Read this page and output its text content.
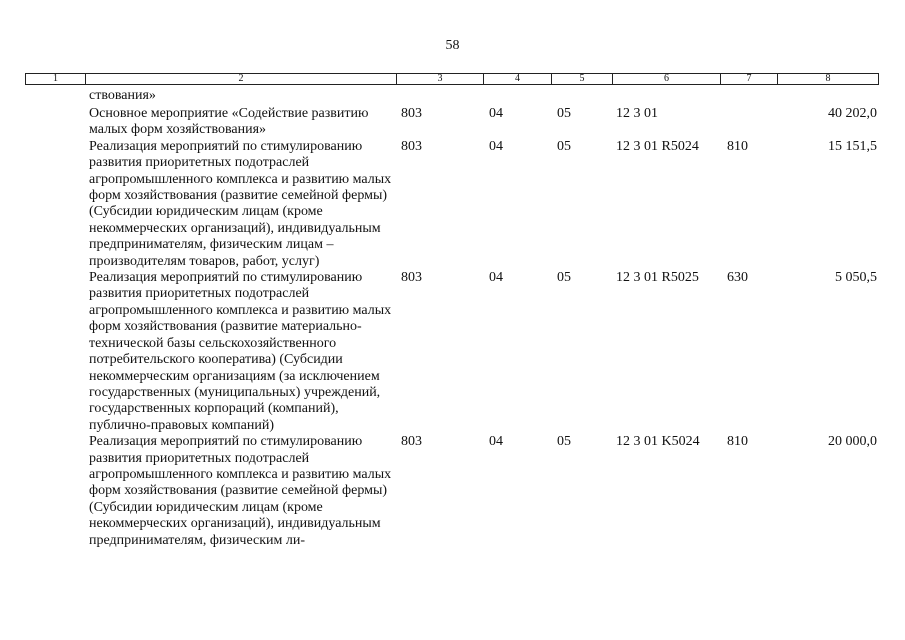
58
1	2	3	4	5	6	7	8
	ствования»						
	Основное мероприятие «Содействие развитию малых форм хозяйствования»	803	04	05	12 3 01		40 202,0
	Реализация мероприятий по стимулированию развития приоритетных подотраслей агропромышленного комплекса и развитию малых форм хозяйствования (развитие семейной фермы) (Субсидии юридическим лицам (кроме некоммерческих организаций), индивидуальным предпринимателям, физическим лицам – производителям товаров, работ, услуг)	803	04	05	12 3 01 R5024	810	15 151,5
	Реализация мероприятий по стимулированию развития приоритетных подотраслей агропромышленного комплекса и развитию малых форм хозяйствования (развитие материально-технической базы сельскохозяйственного потребительского кооператива) (Субсидии некоммерческим организациям (за исключением государственных (муниципальных) учреждений, государственных корпораций (компаний), публично-правовых компаний)	803	04	05	12 3 01 R5025	630	5 050,5
	Реализация мероприятий по стимулированию развития приоритетных подотраслей агропромышленного комплекса и развитию малых форм хозяйствования (развитие семейной фермы) (Субсидии юридическим лицам (кроме некоммерческих организаций), индивидуальным предпринимателям, физическим ли-	803	04	05	12 3 01 K5024	810	20 000,0
